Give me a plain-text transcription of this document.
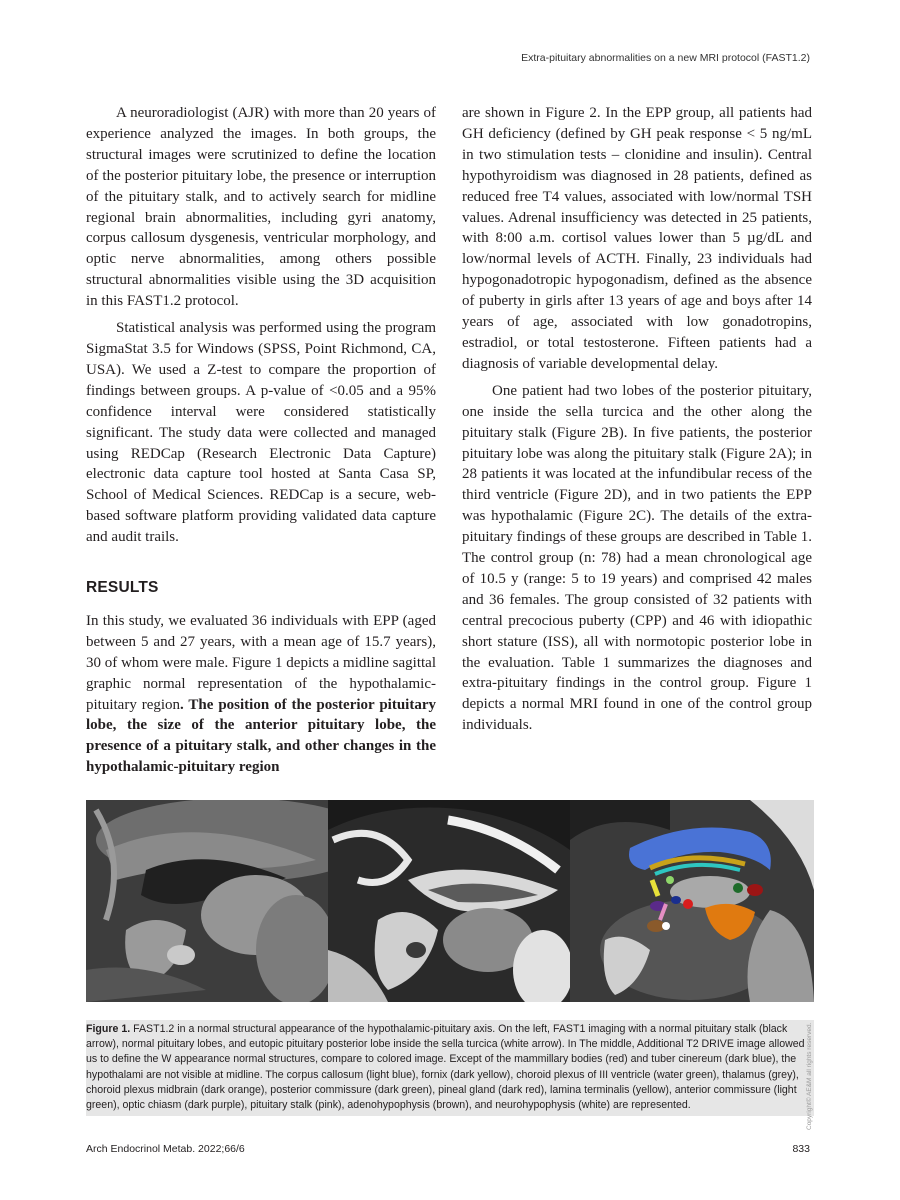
Extra-pituitary abnormalities on a new MRI protocol (FAST1.2)

A neuroradiologist (AJR) with more than 20 years of experience analyzed the images. In both groups, the structural images were scrutinized to define the location of the posterior pituitary lobe, the presence or interruption of the pituitary stalk, and to actively search for midline regional brain abnormalities, including gyri anatomy, corpus callosum dysgenesis, ventricular morphology, and optic nerve abnormalities, among others possible structural abnormalities visible using the 3D acquisition in this FAST1.2 protocol.

Statistical analysis was performed using the program SigmaStat 3.5 for Windows (SPSS, Point Richmond, CA, USA). We used a Z-test to compare the proportion of findings between groups. A p-value of <0.05 and a 95% confidence interval were considered statistically significant. The study data were collected and managed using REDCap (Research Electronic Data Capture) electronic data capture tool hosted at Santa Casa SP, School of Medical Sciences. REDCap is a secure, web-based software platform providing validated data capture and audit trails.

RESULTS

In this study, we evaluated 36 individuals with EPP (aged between 5 and 27 years, with a mean age of 15.7 years), 30 of whom were male. Figure 1 depicts a midline sagittal graphic normal representation of the hypothalamic-pituitary region. The position of the posterior pituitary lobe, the size of the anterior pituitary lobe, the presence of a pituitary stalk, and other changes in the hypothalamic-pituitary region

are shown in Figure 2. In the EPP group, all patients had GH deficiency (defined by GH peak response < 5 ng/mL in two stimulation tests – clonidine and insulin). Central hypothyroidism was diagnosed in 28 patients, defined as reduced free T4 values, associated with low/normal TSH values. Adrenal insufficiency was detected in 25 patients, with 8:00 a.m. cortisol values lower than 5 µg/dL and low/normal levels of ACTH. Finally, 23 individuals had hypogonadotropic hypogonadism, defined as the absence of puberty in girls after 13 years of age and boys after 14 years of age, associated with low gonadotropins, estradiol, or total testosterone. Fifteen patients had a diagnosis of variable developmental delay.

One patient had two lobes of the posterior pituitary, one inside the sella turcica and the other along the pituitary stalk (Figure 2B). In five patients, the posterior pituitary lobe was along the pituitary stalk (Figure 2A); in 28 patients it was located at the infundibular recess of the third ventricle (Figure 2D), and in two patients the EPP was hypothalamic (Figure 2C). The details of the extra-pituitary findings of these groups are described in Table 1. The control group (n: 78) had a mean chronological age of 10.5 y (range: 5 to 19 years) and comprised 42 males and 36 females. The group consisted of 32 patients with central precocious puberty (CPP) and 46 with idiopathic short stature (ISS), all with normotopic posterior lobe in the evaluation. Table 1 summarizes the diagnoses and extra-pituitary findings in the control group. Figure 1 depicts a normal MRI found in one of the control group individuals.

Figure 1. FAST1.2 in a normal structural appearance of the hypothalamic-pituitary axis. On the left, FAST1 imaging with a normal pituitary stalk (black arrow), normal pituitary lobes, and eutopic pituitary posterior lobe inside the sella turcica (white arrow). In The middle, Additional T2 DRIVE image allowed us to define the W appearance normal structures, compare to colored image. Except of the mammillary bodies (red) and tuber cinereum (dark blue), the hypothalami are not visible at midline. The corpus callosum (light blue), fornix (dark yellow), choroid plexus of III ventricle (water green), thalamus (grey), choroid plexus midbrain (dark orange), posterior commissure (dark green), pineal gland (dark red), lamina terminalis (yellow), anterior commissure (light green), optic chiasm (dark purple), pituitary stalk (pink), adenohypophysis (brown), and neurohypophysis (white) are represented.	Copyright© AE&M all rights reserved.
Arch Endocrinol Metab. 2022;66/6	833
